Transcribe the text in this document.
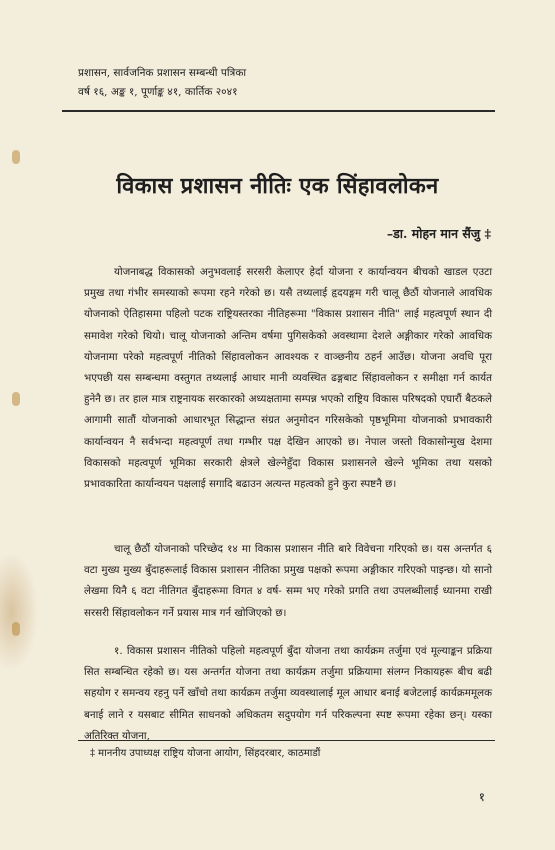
प्रशासन, सार्वजनिक प्रशासन सम्बन्धी पत्रिका

वर्ष १६, अङ्क १, पूर्णाङ्क ४१, कार्तिक २०४१

विकास प्रशासन नीतिः एक सिंहावलोकन

–डा. मोहन मान सैंजु ‡

योजनाबद्ध विकासको अनुभवलाई सरसरी केलाएर हेर्दा योजना र कार्यान्वयन बीचको खाडल एउटा प्रमुख तथा गंभीर समस्याको रूपमा रहने गरेको छ। यसै तथ्यलाई हृदयङ्गम गरी चालू छैठौं योजनाले आवधिक योजनाको ऐतिहासमा पहिलो पटक राष्ट्रियस्तरका नीतिहरूमा "विकास प्रशासन नीति" लाई महत्वपूर्ण स्थान दी समावेश गरेको थियो। चालू योजनाको अन्तिम वर्षमा पुगिसकेको अवस्थामा देशले अङ्गीकार गरेको आवधिक योजनामा परेको महत्वपूर्ण नीतिको सिंहावलोकन आवश्यक र वाञ्छनीय ठहर्न आउँछ। योजना अवधि पूरा भएपछी यस सम्बन्धमा वस्तुगत तथ्यलाई आधार मानी व्यवस्थित ढङ्गबाट सिंहावलोकन र समीक्षा गर्न कार्यत हुनेनै छ। तर हाल मात्र राष्ट्रनायक सरकारको अध्यक्षतामा सम्पन्न भएको राष्ट्रिय विकास परिषदको एघारौं बैठकले आगामी सातौं योजनाको आधारभूत सिद्धान्त संग्रत अनुमोदन गरिसकेको पृष्ठभूमिमा योजनाको प्रभावकारी कार्यान्वयन नै सर्वभन्दा महत्वपूर्ण तथा गम्भीर पक्ष देखिन आएको छ। नेपाल जस्तो विकासोन्मुख देशमा विकासको महत्वपूर्ण भूमिका सरकारी क्षेत्रले खेल्नेहुँदा विकास प्रशासनले खेल्ने भूमिका तथा यसको प्रभावकारिता कार्यान्वयन पक्षलाई सगादि बढाउन अत्यन्त महत्वको हुने कुरा स्पष्टनै छ।

चालू छैठौं योजनाको परिच्छेद १४ मा विकास प्रशासन नीति बारे विवेचना गरिएको छ। यस अन्तर्गत ६ वटा मुख्य मुख्य बुँदाहरूलाई विकास प्रशासन नीतिका प्रमुख पक्षको रूपमा अङ्गीकार गरिएको पाइन्छ। यो सानो लेखमा यिनै ६ वटा नीतिगत बुँदाहरूमा विगत ४ वर्ष- सम्म भए गरेको प्रगति तथा उपलब्धीलाई ध्यानमा राखी सरसरी सिंहावलोकन गर्ने प्रयास मात्र गर्न खोजिएको छ।

१. विकास प्रशासन नीतिको पहिलो महत्वपूर्ण बुँदा योजना तथा कार्यक्रम तर्जुमा एवं मूल्याङ्कन प्रक्रिया सित सम्बन्धित रहेको छ। यस अन्तर्गत योजना तथा कार्यक्रम तर्जुमा प्रक्रियामा संलग्न निकायहरू बीच बढी सहयोग र समन्वय रहनु पर्ने खाँचो तथा कार्यक्रम तर्जुमा व्यवस्थालाई मूल आधार बनाई बजेटलाई कार्यक्रममूलक बनाई लाने र यसबाट सीमित साधनको अधिकतम सदुपयोग गर्न परिकल्पना स्पष्ट रूपमा रहेका छन्। यस्का अतिरिक्त योजना,

‡ माननीय उपाध्यक्ष राष्ट्रिय योजना आयोग, सिंहदरबार, काठमाडौं

१
